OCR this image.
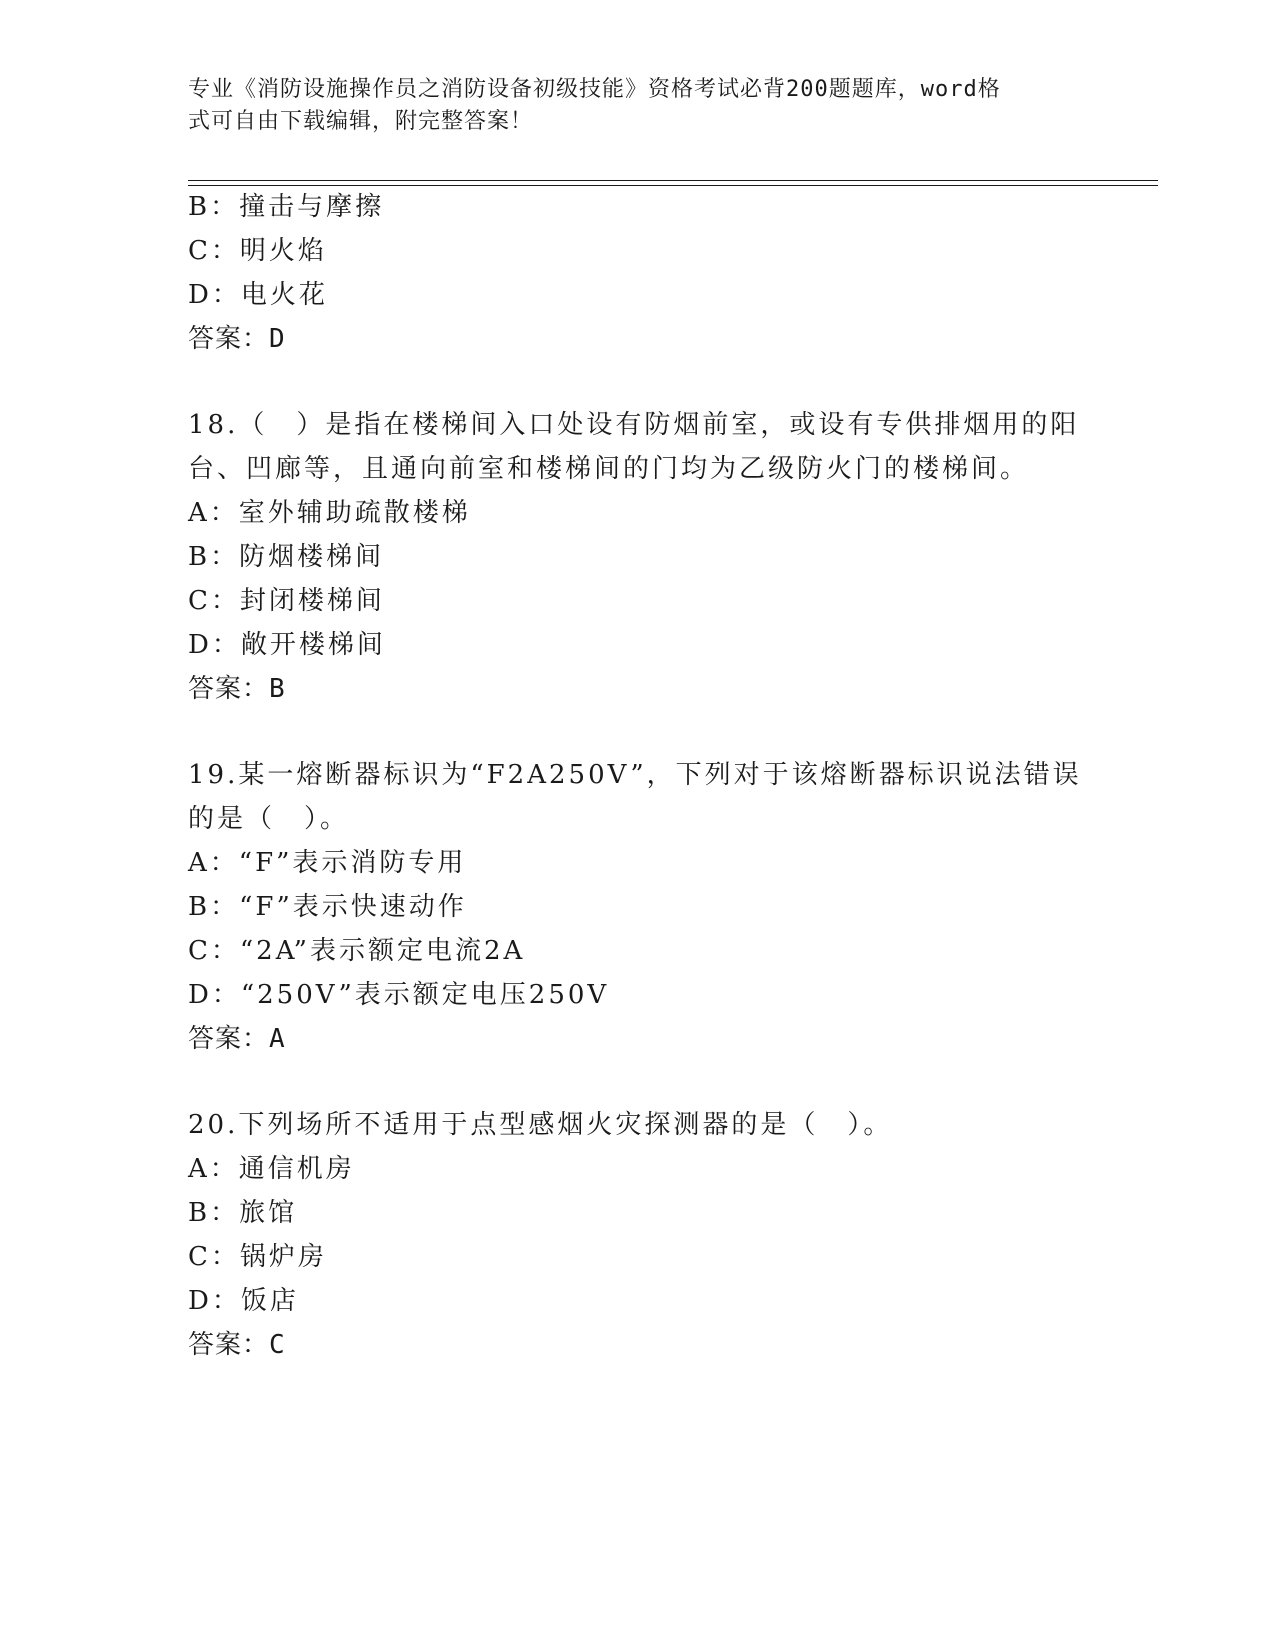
专业《消防设施操作员之消防设备初级技能》资格考试必背200题题库，word格
式可自由下载编辑，附完整答案！
B：撞击与摩擦
C：明火焰
D：电火花
答案：D
18.（　）是指在楼梯间入口处设有防烟前室，或设有专供排烟用的阳
台、凹廊等，且通向前室和楼梯间的门均为乙级防火门的楼梯间。
A：室外辅助疏散楼梯
B：防烟楼梯间
C：封闭楼梯间
D：敞开楼梯间
答案：B
19.某一熔断器标识为“F2A250V”，下列对于该熔断器标识说法错误
的是（　）。
A：“F”表示消防专用
B：“F”表示快速动作
C：“2A”表示额定电流2A
D：“250V”表示额定电压250V
答案：A
20.下列场所不适用于点型感烟火灾探测器的是（　）。
A：通信机房
B：旅馆
C：锅炉房
D：饭店
答案：C
